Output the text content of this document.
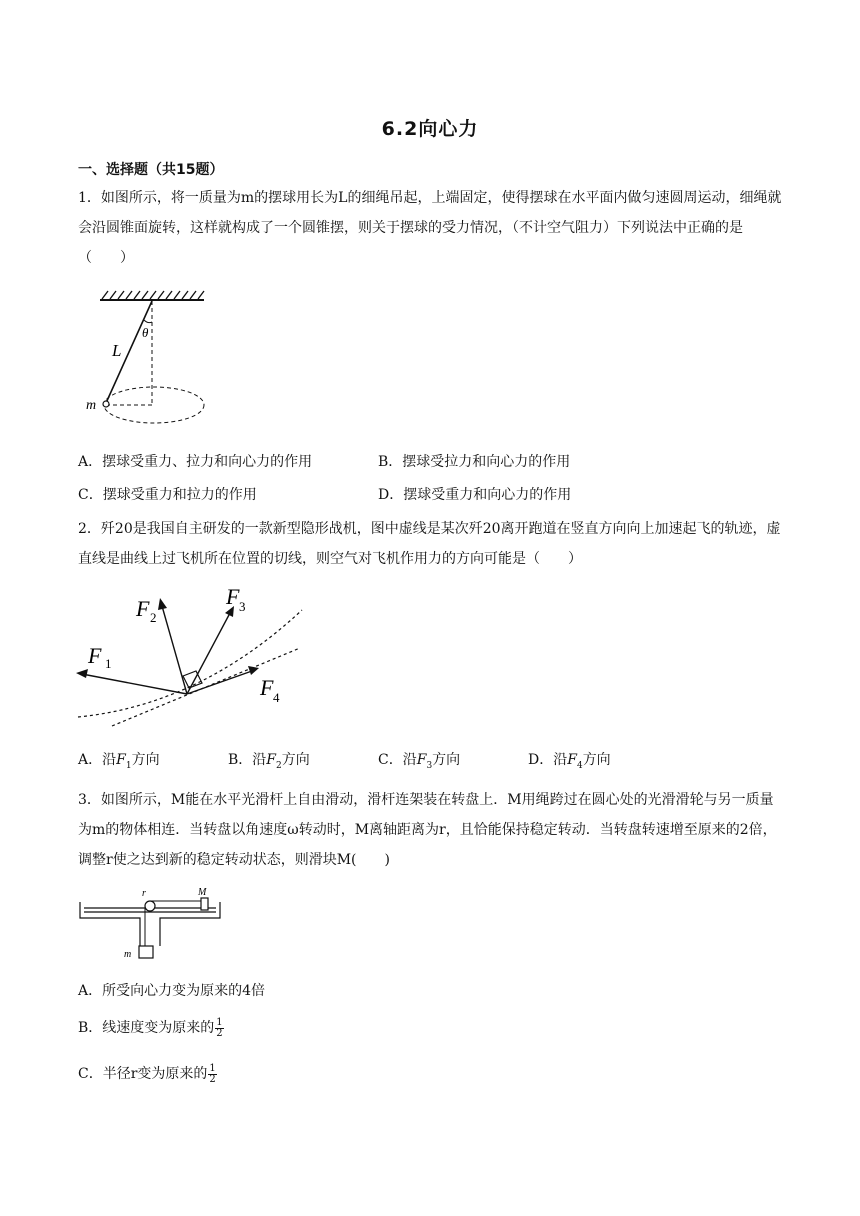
6.2向心力
一、选择题（共15题）
1．如图所示，将一质量为m的摆球用长为L的细绳吊起，上端固定，使得摆球在水平面内做匀速圆周运动，细绳就会沿圆锥面旋转，这样就构成了一个圆锥摆，则关于摆球的受力情况，（不计空气阻力）下列说法中正确的是（　　）
L
θ
m
A．摆球受重力、拉力和向心力的作用	B．摆球受拉力和向心力的作用
C．摆球受重力和拉力的作用	D．摆球受重力和向心力的作用
2．歼20是我国自主研发的一款新型隐形战机，图中虚线是某次歼20离开跑道在竖直方向向上加速起飞的轨迹，虚直线是曲线上过飞机所在位置的切线，则空气对飞机作用力的方向可能是（　　）
F 1
F 2
F 3
F 4
A．沿$F_1$方向	B．沿$F_2$方向	C．沿$F_3$方向	D．沿$F_4$方向
3．如图所示，M能在水平光滑杆上自由滑动，滑杆连架装在转盘上．M用绳跨过在圆心处的光滑滑轮与另一质量为m的物体相连．当转盘以角速度ω转动时，M离轴距离为r，且恰能保持稳定转动．当转盘转速增至原来的2倍，调整r使之达到新的稳定转动状态，则滑块M(　　)
r	M
m
A．所受向心力变为原来的4倍
B．线速度变为原来的 $\frac{1}{2}$
C．半径r变为原来的 $\frac{1}{2}$
